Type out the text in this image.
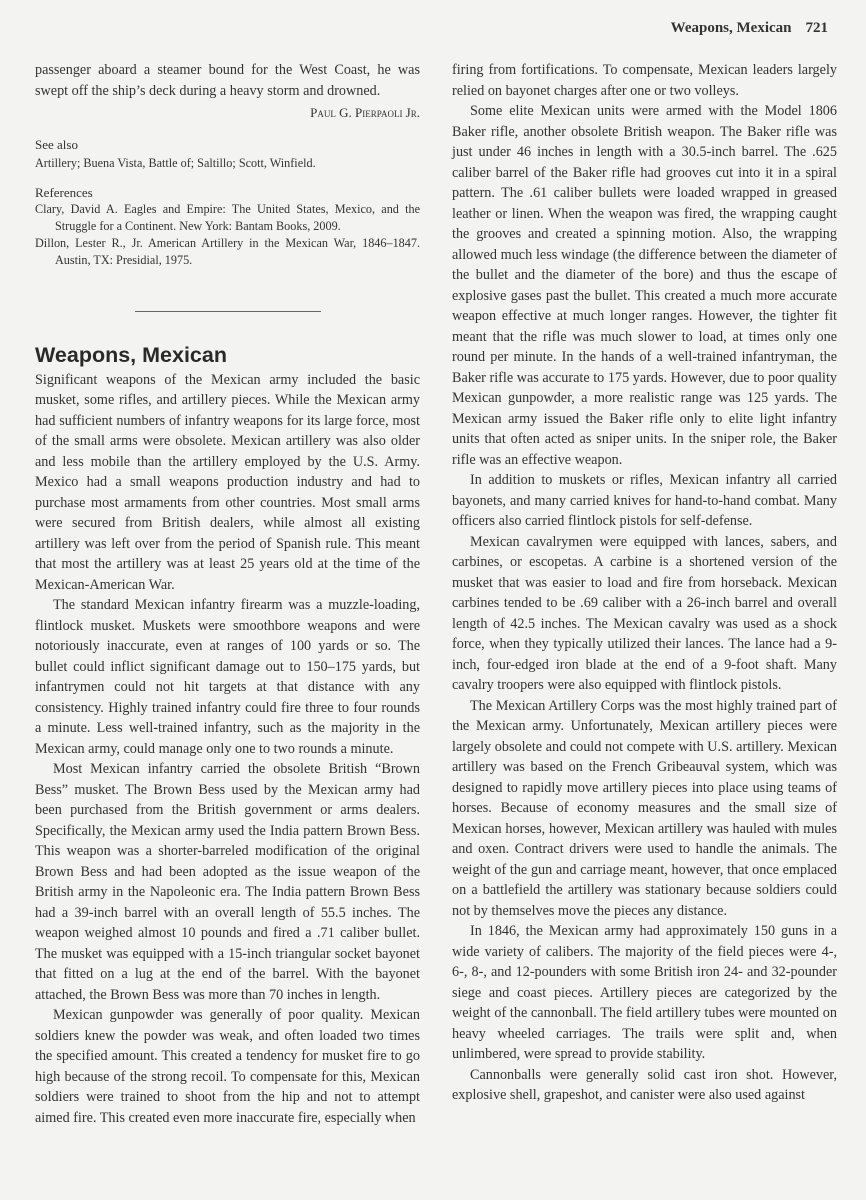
Weapons, Mexican 721

passenger aboard a steamer bound for the West Coast, he was swept off the ship’s deck during a heavy storm and drowned.

Paul G. Pierpaoli Jr.

See also

Artillery; Buena Vista, Battle of; Saltillo; Scott, Winfield.

References

Clary, David A. Eagles and Empire: The United States, Mexico, and the Struggle for a Continent. New York: Bantam Books, 2009.

Dillon, Lester R., Jr. American Artillery in the Mexican War, 1846–1847. Austin, TX: Presidial, 1975.

Weapons, Mexican

Significant weapons of the Mexican army included the basic musket, some rifles, and artillery pieces. While the Mexican army had sufficient numbers of infantry weapons for its large force, most of the small arms were obsolete. Mexican artillery was also older and less mobile than the artillery employed by the U.S. Army. Mexico had a small weapons production industry and had to purchase most armaments from other countries. Most small arms were secured from British dealers, while almost all existing artillery was left over from the period of Spanish rule. This meant that most the artillery was at least 25 years old at the time of the Mexican-American War.

The standard Mexican infantry firearm was a muzzle-loading, flintlock musket. Muskets were smoothbore weapons and were notoriously inaccurate, even at ranges of 100 yards or so. The bullet could inflict significant damage out to 150–175 yards, but infantrymen could not hit targets at that distance with any consistency. Highly trained infantry could fire three to four rounds a minute. Less well-trained infantry, such as the majority in the Mexican army, could manage only one to two rounds a minute.

Most Mexican infantry carried the obsolete British “Brown Bess” musket. The Brown Bess used by the Mexican army had been purchased from the British government or arms dealers. Specifically, the Mexican army used the India pattern Brown Bess. This weapon was a shorter-barreled modification of the original Brown Bess and had been adopted as the issue weapon of the British army in the Napoleonic era. The India pattern Brown Bess had a 39-inch barrel with an overall length of 55.5 inches. The weapon weighed almost 10 pounds and fired a .71 caliber bullet. The musket was equipped with a 15-inch triangular socket bayonet that fitted on a lug at the end of the barrel. With the bayonet attached, the Brown Bess was more than 70 inches in length.

Mexican gunpowder was generally of poor quality. Mexican soldiers knew the powder was weak, and often loaded two times the specified amount. This created a tendency for musket fire to go high because of the strong recoil. To compensate for this, Mexican soldiers were trained to shoot from the hip and not to attempt aimed fire. This created even more inaccurate fire, especially when

firing from fortifications. To compensate, Mexican leaders largely relied on bayonet charges after one or two volleys.

Some elite Mexican units were armed with the Model 1806 Baker rifle, another obsolete British weapon. The Baker rifle was just under 46 inches in length with a 30.5-inch barrel. The .625 caliber barrel of the Baker rifle had grooves cut into it in a spiral pattern. The .61 caliber bullets were loaded wrapped in greased leather or linen. When the weapon was fired, the wrapping caught the grooves and created a spinning motion. Also, the wrapping allowed much less windage (the difference between the diameter of the bullet and the diameter of the bore) and thus the escape of explosive gases past the bullet. This created a much more accurate weapon effective at much longer ranges. However, the tighter fit meant that the rifle was much slower to load, at times only one round per minute. In the hands of a well-trained infantryman, the Baker rifle was accurate to 175 yards. However, due to poor quality Mexican gunpowder, a more realistic range was 125 yards. The Mexican army issued the Baker rifle only to elite light infantry units that often acted as sniper units. In the sniper role, the Baker rifle was an effective weapon.

In addition to muskets or rifles, Mexican infantry all carried bayonets, and many carried knives for hand-to-hand combat. Many officers also carried flintlock pistols for self-defense.

Mexican cavalrymen were equipped with lances, sabers, and carbines, or escopetas. A carbine is a shortened version of the musket that was easier to load and fire from horseback. Mexican carbines tended to be .69 caliber with a 26-inch barrel and overall length of 42.5 inches. The Mexican cavalry was used as a shock force, when they typically utilized their lances. The lance had a 9-inch, four-edged iron blade at the end of a 9-foot shaft. Many cavalry troopers were also equipped with flintlock pistols.

The Mexican Artillery Corps was the most highly trained part of the Mexican army. Unfortunately, Mexican artillery pieces were largely obsolete and could not compete with U.S. artillery. Mexican artillery was based on the French Gribeauval system, which was designed to rapidly move artillery pieces into place using teams of horses. Because of economy measures and the small size of Mexican horses, however, Mexican artillery was hauled with mules and oxen. Contract drivers were used to handle the animals. The weight of the gun and carriage meant, however, that once emplaced on a battlefield the artillery was stationary because soldiers could not by themselves move the pieces any distance.

In 1846, the Mexican army had approximately 150 guns in a wide variety of calibers. The majority of the field pieces were 4-, 6-, 8-, and 12-pounders with some British iron 24- and 32-pounder siege and coast pieces. Artillery pieces are categorized by the weight of the cannonball. The field artillery tubes were mounted on heavy wheeled carriages. The trails were split and, when unlimbered, were spread to provide stability.

Cannonballs were generally solid cast iron shot. However, explosive shell, grapeshot, and canister were also used against
